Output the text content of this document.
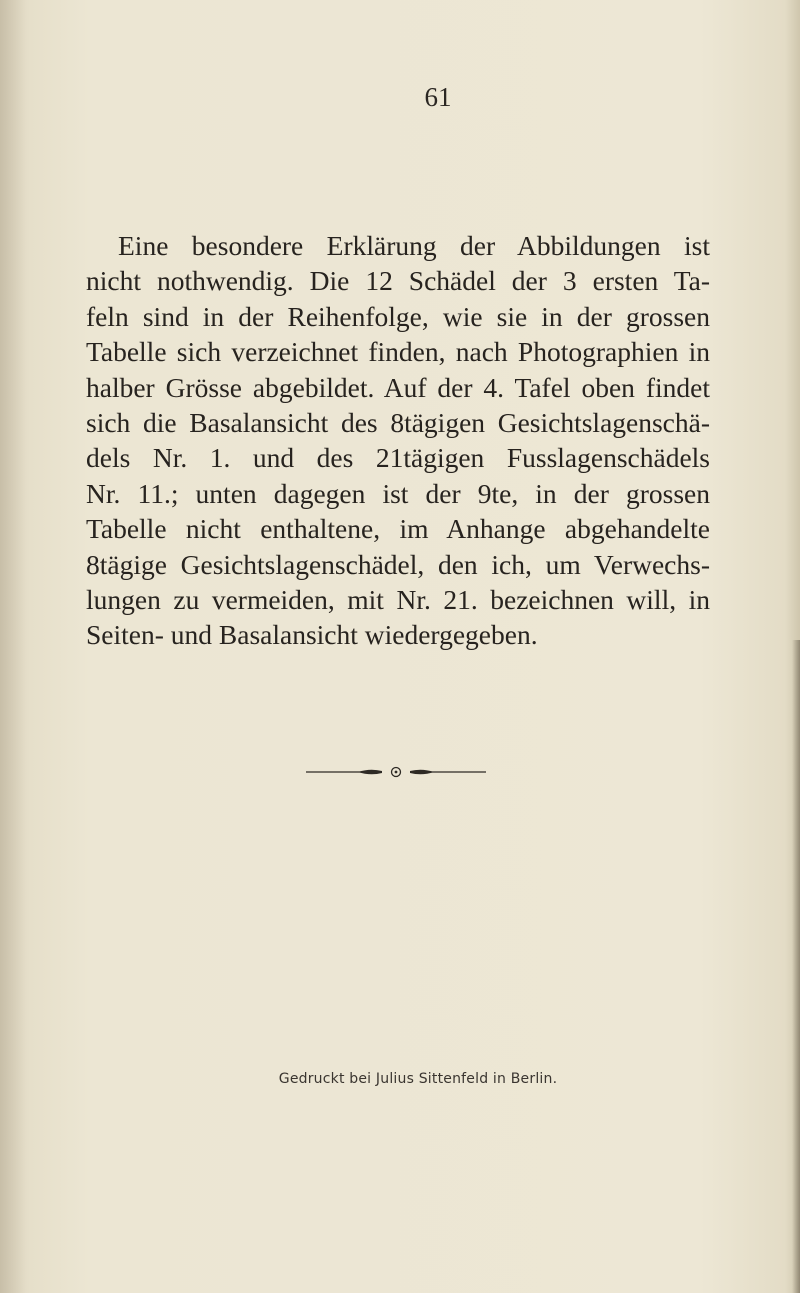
61
Eine besondere Erklärung der Abbildungen ist
nicht nothwendig. Die 12 Schädel der 3 ersten Ta-
feln sind in der Reihenfolge, wie sie in der grossen
Tabelle sich verzeichnet finden, nach Photographien in
halber Grösse abgebildet. Auf der 4. Tafel oben findet
sich die Basalansicht des 8tägigen Gesichtslagenschä-
dels Nr. 1. und des 21tägigen Fusslagenschädels
Nr. 11.; unten dagegen ist der 9te, in der grossen
Tabelle nicht enthaltene, im Anhange abgehandelte
8tägige Gesichtslagenschädel, den ich, um Verwechs-
lungen zu vermeiden, mit Nr. 21. bezeichnen will, in
Seiten- und Basalansicht wiedergegeben.
Gedruckt bei Julius Sittenfeld in Berlin.
